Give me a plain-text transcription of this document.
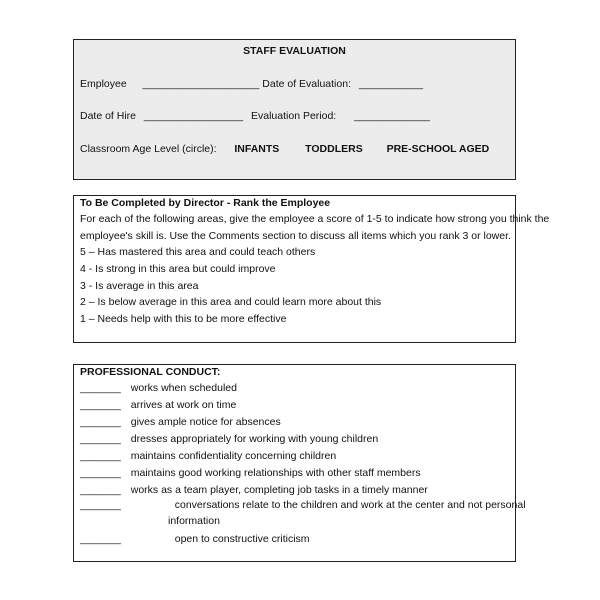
STAFF EVALUATION
Employee ____________________ Date of Evaluation: ___________
Date of Hire _________________ Evaluation Period: _____________
Classroom Age Level (circle): INFANTS TODDLERS PRE-SCHOOL AGED
To Be Completed by Director - Rank the Employee
For each of the following areas, give the employee a score of 1-5 to indicate how strong you think the
employee's skill is. Use the Comments section to discuss all items which you rank 3 or lower.
5 – Has mastered this area and could teach others
4 - Is strong in this area but could improve
3 - Is average in this area
2 – Is below average in this area and could learn more about this
1 – Needs help with this to be more effective
PROFESSIONAL CONDUCT:
_______ works when scheduled
_______ arrives at work on time
_______ gives ample notice for absences
_______ dresses appropriately for working with young children
_______ maintains confidentiality concerning children
_______ maintains good working relationships with other staff members
_______ works as a team player, completing job tasks in a timely manner
_______	conversations relate to the children and work at the center and not personal
information
_______	open to constructive criticism
